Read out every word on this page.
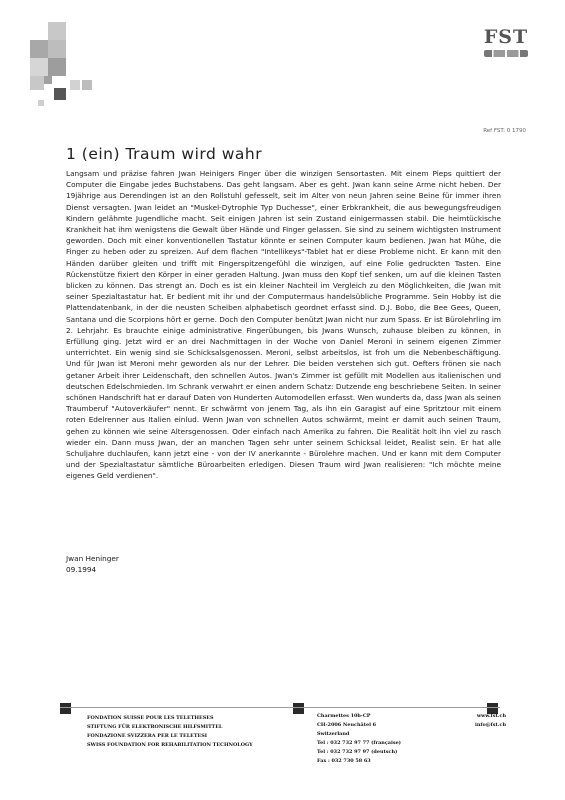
FST
Ref FST: 0 1790
1 (ein) Traum wird wahr

Langsam und präzise fahren Jwan Heinigers Finger über die winzigen Sensortasten. Mit einem Pieps quittiert der Computer die Eingabe jedes Buchstabens. Das geht langsam. Aber es geht. Jwan kann seine Arme nicht heben. Der 19jährige aus Derendingen ist an den Rollstuhl gefesselt, seit im Alter von neun Jahren seine Beine für immer ihren Dienst versagten. Jwan leidet an "Muskel-Dytrophie Typ Duchesse", einer Erbkrankheit, die aus bewegungsfreudigen Kindern gelähmte Jugendliche macht. Seit einigen Jahren ist sein Zustand einigermassen stabil. Die heimtückische Krankheit hat ihm wenigstens die Gewalt über Hände und Finger gelassen. Sie sind zu seinem wichtigsten Instrument geworden. Doch mit einer konventionellen Tastatur könnte er seinen Computer kaum bedienen. Jwan hat Mühe, die Finger zu heben oder zu spreizen. Auf dem flachen "Intellikeys"-Tablet hat er diese Probleme nicht. Er kann mit den Händen darüber gleiten und trifft mit Fingerspitzengefühl die winzigen, auf eine Folie gedruckten Tasten. Eine Rückenstütze fixiert den Körper in einer geraden Haltung. Jwan muss den Kopf tief senken, um auf die kleinen Tasten blicken zu können. Das strengt an. Doch es ist ein kleiner Nachteil im Vergleich zu den Möglichkeiten, die Jwan mit seiner Spezialtastatur hat. Er bedient mit ihr und der Computermaus handelsübliche Programme. Sein Hobby ist die Plattendatenbank, in der die neusten Scheiben alphabetisch geordnet erfasst sind. D.J. Bobo, die Bee Gees, Queen, Santana und die Scorpions hört er gerne. Doch den Computer benützt Jwan nicht nur zum Spass. Er ist Bürolehrling im 2. Lehrjahr. Es brauchte einige administrative Fingerübungen, bis Jwans Wunsch, zuhause bleiben zu können, in Erfüllung ging. Jetzt wird er an drei Nachmittagen in der Woche von Daniel Meroni in seinem eigenen Zimmer unterrichtet. Ein wenig sind sie Schicksalsgenossen. Meroni, selbst arbeitslos, ist froh um die Nebenbeschäftigung. Und für Jwan ist Meroni mehr geworden als nur der Lehrer. Die beiden verstehen sich gut. Oefters frönen sie nach getaner Arbeit ihrer Leidenschaft, den schnellen Autos. Jwan's Zimmer ist gefüllt mit Modellen aus italienischen und deutschen Edelschmieden. Im Schrank verwahrt er einen andern Schatz: Dutzende eng beschriebene Seiten. In seiner schönen Handschrift hat er darauf Daten von Hunderten Automodellen erfasst. Wen wunderts da, dass Jwan als seinen Traumberuf "Autoverkäufer" nennt. Er schwärmt von jenem Tag, als ihn ein Garagist auf eine Spritztour mit einem roten Edelrenner aus Italien einlud. Wenn Jwan von schnellen Autos schwärmt, meint er damit auch seinen Traum, gehen zu können wie seine Altersgenossen. Oder einfach nach Amerika zu fahren. Die Realität holt ihn viel zu rasch wieder ein. Dann muss Jwan, der an manchen Tagen sehr unter seinem Schicksal leidet, Realist sein. Er hat alle Schuljahre duchlaufen, kann jetzt eine - von der IV anerkannte - Bürolehre machen. Und er kann mit dem Computer und der Spezialtastatur sämtliche Büroarbeiten erledigen. Diesen Traum wird Jwan realisieren: "Ich möchte meine eigenes Geld verdienen".

Jwan Heninger
09.1994
FONDATION SUISSE POUR LES TELETHESES
STIFTUNG FÜR ELEKTRONISCHE HILFSMITTEL
FONDAZIONE SVIZZERA PER LE TELETESI
SWISS FOUNDATION FOR REHABILITATION TECHNOLOGY
Charmettes 10b-CP
CH-2006 Neuchâtel 6
Switzerland
Tel : 032 732 97 77 (française)
Tel : 032 732 97 97 (deutsch)
Fax : 032 730 58 63
www.fst.ch
info@fst.ch
